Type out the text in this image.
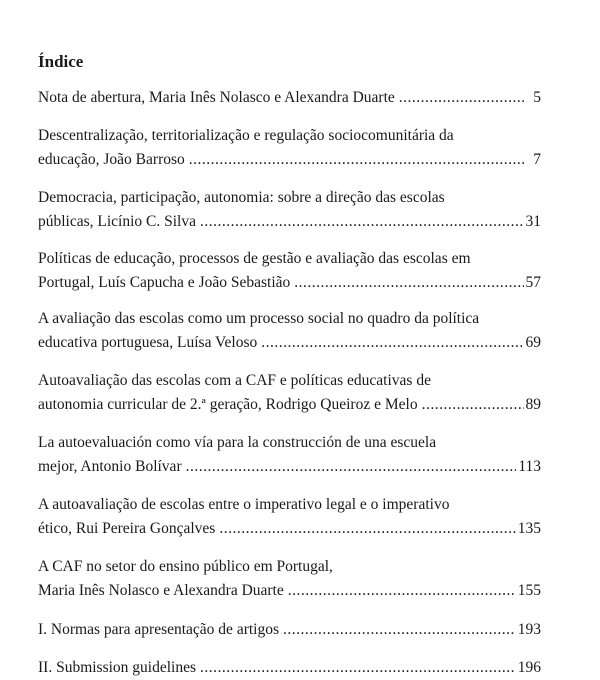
Índice
Nota de abertura, Maria Inês Nolasco e Alexandra Duarte .....	5
Descentralização, territorialização e regulação sociocomunitária da
educação, João Barroso .....	7
Democracia, participação, autonomia: sobre a direção das escolas
públicas, Licínio C. Silva .....	31
Políticas de educação, processos de gestão e avaliação das escolas em
Portugal, Luís Capucha e João Sebastião .....	57
A avaliação das escolas como um processo social no quadro da política
educativa portuguesa, Luísa Veloso .....	69
Autoavaliação das escolas com a CAF e políticas educativas de
autonomia curricular de 2.ª geração, Rodrigo Queiroz e Melo .....	89
La autoevaluación como vía para la construcción de una escuela
mejor, Antonio Bolívar .....	113
A autoavaliação de escolas entre o imperativo legal e o imperativo
ético, Rui Pereira Gonçalves .....	135
A CAF no setor do ensino público em Portugal,
Maria Inês Nolasco e Alexandra Duarte .....	155
I. Normas para apresentação de artigos .....	193
II. Submission guidelines .....	196
